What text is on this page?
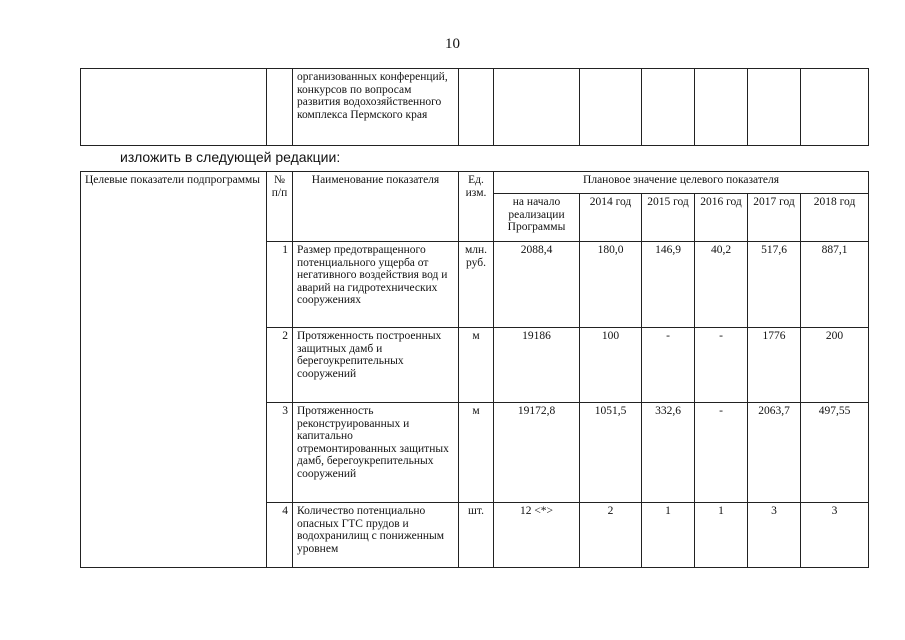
10
		организованных конференций, конкурсов по вопросам развития водохозяйственного комплекса Пермского края							
изложить в следующей редакции:
Целевые показатели подпрограммы	№ п/п	Наименование показателя	Ед. изм.	Плановое значение целевого показателя					
				на начало реализации Программы	2014 год	2015 год	2016 год	2017 год	2018 год
	1	Размер предотвращенного потенциального ущерба от негативного воздействия вод и аварий на гидротехнических сооружениях	млн. руб.	2088,4	180,0	146,9	40,2	517,6	887,1
	2	Протяженность построенных защитных дамб и берегоукрепительных сооружений	м	19186	100	-	-	1776	200
	3	Протяженность реконструированных и капитально отремонтированных защитных дамб, берегоукрепительных сооружений	м	19172,8	1051,5	332,6	-	2063,7	497,55
	4	Количество потенциально опасных ГТС прудов и водохранилищ с пониженным уровнем	шт.	12 <*>	2	1	1	3	3
